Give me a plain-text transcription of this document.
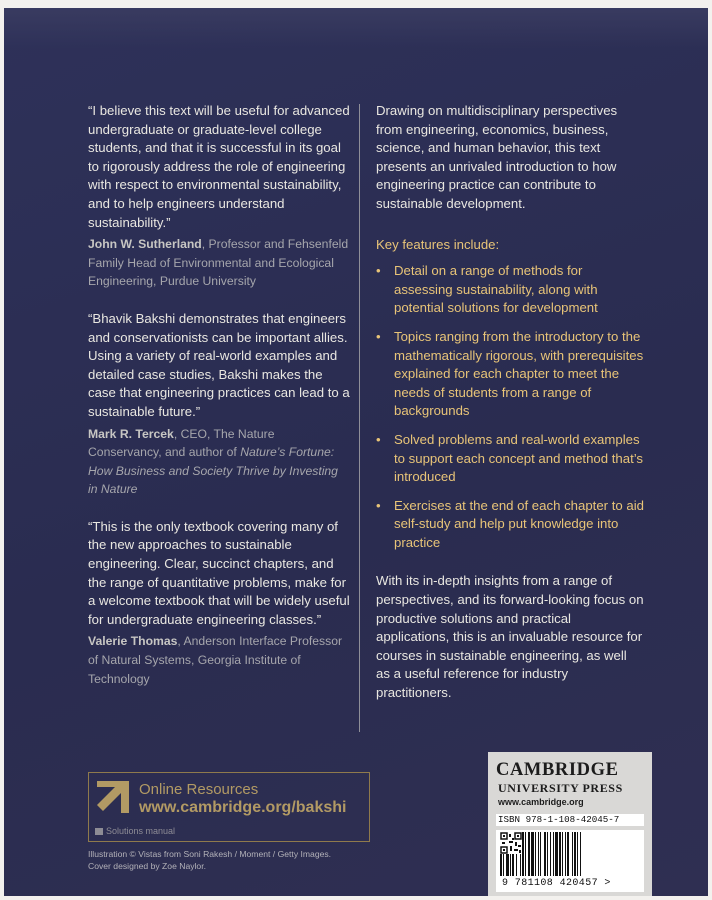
“I believe this text will be useful for advanced undergraduate or graduate-level college students, and that it is successful in its goal to rigorously address the role of engineering with respect to environmental sustainability, and to help engineers understand sustainability.”

John W. Sutherland, Professor and Fehsenfeld Family Head of Environmental and Ecological Engineering, Purdue University

“Bhavik Bakshi demonstrates that engineers and conservationists can be important allies. Using a variety of real-world examples and detailed case studies, Bakshi makes the case that engineering practices can lead to a sustainable future.”

Mark R. Tercek, CEO, The Nature Conservancy, and author of Nature’s Fortune: How Business and Society Thrive by Investing in Nature

“This is the only textbook covering many of the new approaches to sustainable engineering. Clear, succinct chapters, and the range of quantitative problems, make for a welcome textbook that will be widely useful for undergraduate engineering classes.”

Valerie Thomas, Anderson Interface Professor of Natural Systems, Georgia Institute of Technology

Drawing on multidisciplinary perspectives from engineering, economics, business, science, and human behavior, this text presents an unrivaled introduction to how engineering practice can contribute to sustainable development.

Key features include:

• Detail on a range of methods for assessing sustainability, along with potential solutions for development
• Topics ranging from the introductory to the mathematically rigorous, with prerequisites explained for each chapter to meet the needs of students from a range of backgrounds
• Solved problems and real-world examples to support each concept and method that’s introduced
• Exercises at the end of each chapter to aid self-study and help put knowledge into practice

With its in-depth insights from a range of perspectives, and its forward-looking focus on productive solutions and practical applications, this is an invaluable resource for courses in sustainable engineering, as well as a useful reference for industry practitioners.

Online Resources
www.cambridge.org/bakshi
Solutions manual
Illustration © Vistas from Soni Rakesh / Moment / Getty Images.
Cover designed by Zoe Naylor.
CAMBRIDGE
UNIVERSITY PRESS
www.cambridge.org
ISBN 978-1-108-42045-7
9 781108 420457 >
